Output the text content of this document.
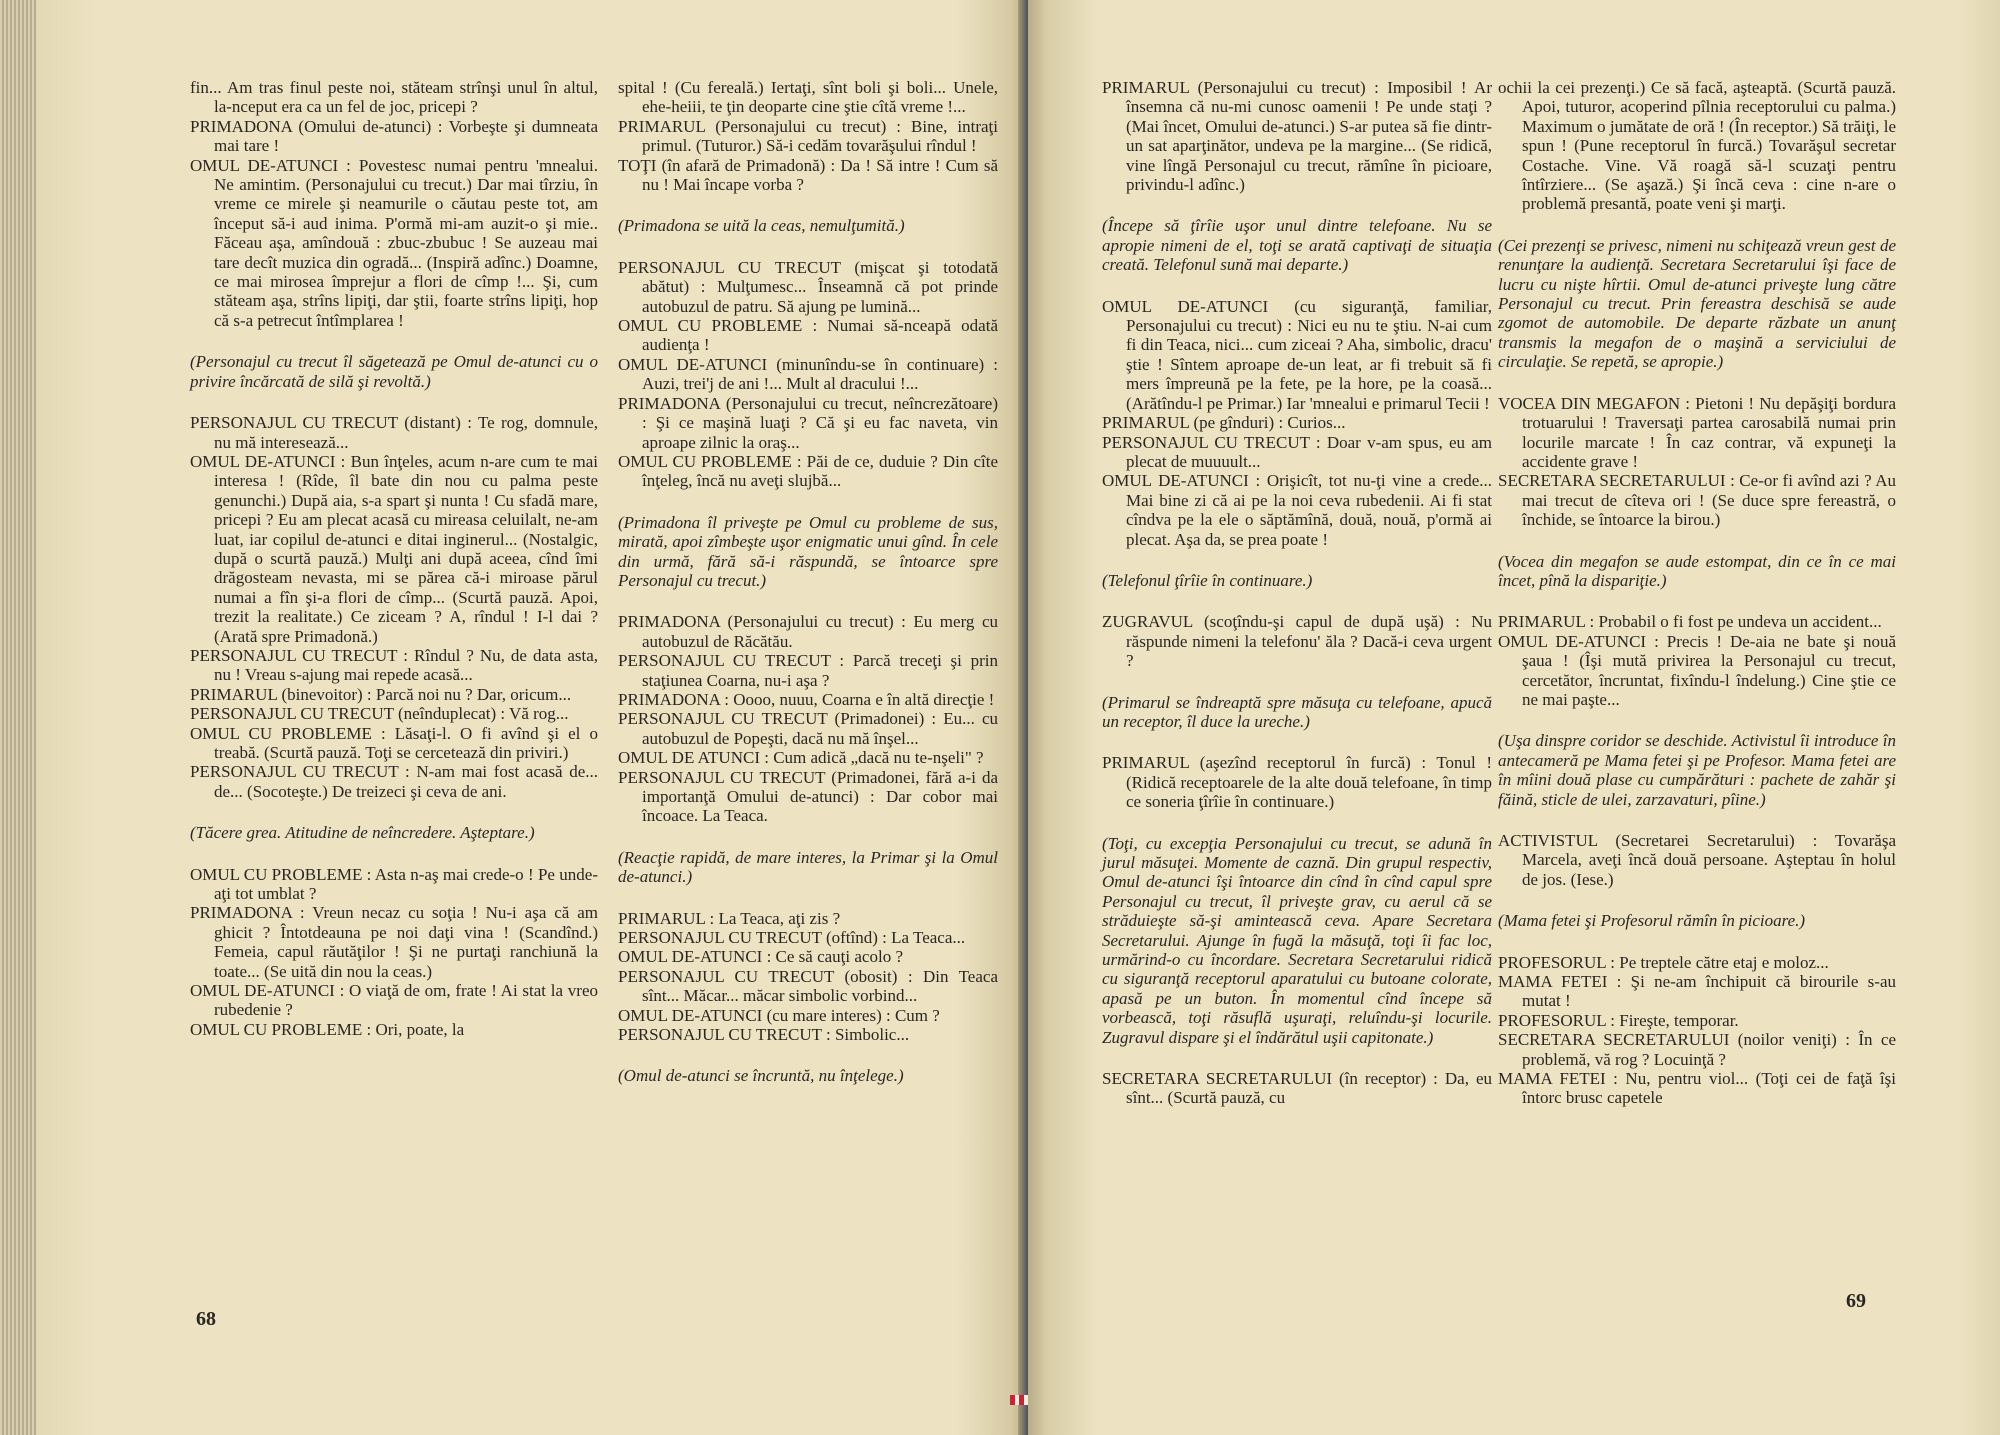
fin... Am tras finul peste noi, stăteam strînşi unul în altul, la-nceput era ca un fel de joc, pricepi ?

PRIMADONA (Omului de-atunci) : Vorbeşte şi dumneata mai tare !

OMUL DE-ATUNCI : Povestesc numai pentru 'mnealui. Ne amintim. (Personajului cu trecut.) Dar mai tîrziu, în vreme ce mirele şi neamurile o căutau peste tot, am început să-i aud inima. P'ormă mi-am auzit-o şi mie.. Făceau aşa, amîndouă : zbuc-zbubuc ! Se auzeau mai tare decît muzica din ogradă... (Inspiră adînc.) Doamne, ce mai mirosea împrejur a flori de cîmp !... Şi, cum stăteam aşa, strîns lipiţi, dar ştii, foarte strîns lipiţi, hop că s-a petrecut întîmplarea !

(Personajul cu trecut îl săgetează pe Omul de-atunci cu o privire încărcată de silă şi revoltă.)

PERSONAJUL CU TRECUT (distant) : Te rog, domnule, nu mă interesează...

OMUL DE-ATUNCI : Bun înţeles, acum n-are cum te mai interesa ! (Rîde, îl bate din nou cu palma peste genunchi.) După aia, s-a spart şi nunta ! Cu sfadă mare, pricepi ? Eu am plecat acasă cu mireasa celuilalt, ne-am luat, iar copilul de-atunci e ditai inginerul... (Nostalgic, după o scurtă pauză.) Mulţi ani după aceea, cînd îmi drăgosteam nevasta, mi se părea că-i miroase părul numai a fîn şi-a flori de cîmp... (Scurtă pauză. Apoi, trezit la realitate.) Ce ziceam ? A, rîndul ! I-l dai ? (Arată spre Primadonă.)

PERSONAJUL CU TRECUT : Rîndul ? Nu, de data asta, nu ! Vreau s-ajung mai repede acasă...

PRIMARUL (binevoitor) : Parcă noi nu ? Dar, oricum...

PERSONAJUL CU TRECUT (neînduplecat) : Vă rog...

OMUL CU PROBLEME : Lăsaţi-l. O fi avînd şi el o treabă. (Scurtă pauză. Toţi se cercetează din priviri.)

PERSONAJUL CU TRECUT : N-am mai fost acasă de... de... (Socoteşte.) De treizeci şi ceva de ani.

(Tăcere grea. Atitudine de neîncredere. Aşteptare.)

OMUL CU PROBLEME : Asta n-aş mai crede-o ! Pe unde-aţi tot umblat ?

PRIMADONA : Vreun necaz cu soţia ! Nu-i aşa că am ghicit ? Întotdeauna pe noi daţi vina ! (Scandînd.) Femeia, capul răutăţilor ! Şi ne purtaţi ranchiună la toate... (Se uită din nou la ceas.)

OMUL DE-ATUNCI : O viaţă de om, frate ! Ai stat la vreo rubedenie ?

OMUL CU PROBLEME : Ori, poate, la

spital ! (Cu fereală.) Iertaţi, sînt boli şi boli... Unele, ehe-heiii, te ţin deoparte cine ştie cîtă vreme !...

PRIMARUL (Personajului cu trecut) : Bine, intraţi primul. (Tuturor.) Să-i cedăm tovarăşului rîndul !

TOŢI (în afară de Primadonă) : Da ! Să intre ! Cum să nu ! Mai încape vorba ?

(Primadona se uită la ceas, nemulţumită.)

PERSONAJUL CU TRECUT (mişcat şi totodată abătut) : Mulţumesc... Înseamnă că pot prinde autobuzul de patru. Să ajung pe lumină...

OMUL CU PROBLEME : Numai să-nceapă odată audienţa !

OMUL DE-ATUNCI (minunîndu-se în continuare) : Auzi, trei'j de ani !... Mult al dracului !...

PRIMADONA (Personajului cu trecut, neîncrezătoare) : Şi ce maşină luaţi ? Că şi eu fac naveta, vin aproape zilnic la oraş...

OMUL CU PROBLEME : Păi de ce, duduie ? Din cîte înţeleg, încă nu aveţi slujbă...

(Primadona îl priveşte pe Omul cu probleme de sus, mirată, apoi zîmbeşte uşor enigmatic unui gînd. În cele din urmă, fără să-i răspundă, se întoarce spre Personajul cu trecut.)

PRIMADONA (Personajului cu trecut) : Eu merg cu autobuzul de Răcătău.

PERSONAJUL CU TRECUT : Parcă treceţi şi prin staţiunea Coarna, nu-i aşa ?

PRIMADONA : Oooo, nuuu, Coarna e în altă direcţie !

PERSONAJUL CU TRECUT (Primadonei) : Eu... cu autobuzul de Popeşti, dacă nu mă înşel...

OMUL DE ATUNCI : Cum adică „dacă nu te-nşeli" ?

PERSONAJUL CU TRECUT (Primadonei, fără a-i da importanţă Omului de-atunci) : Dar cobor mai încoace. La Teaca.

(Reacţie rapidă, de mare interes, la Primar şi la Omul de-atunci.)

PRIMARUL : La Teaca, aţi zis ?

PERSONAJUL CU TRECUT (oftînd) : La Teaca...

OMUL DE-ATUNCI : Ce să cauţi acolo ?

PERSONAJUL CU TRECUT (obosit) : Din Teaca sînt... Măcar... măcar simbolic vorbind...

OMUL DE-ATUNCI (cu mare interes) : Cum ?

PERSONAJUL CU TRECUT : Simbolic...

(Omul de-atunci se încruntă, nu înţelege.)

68

PRIMARUL (Personajului cu trecut) : Imposibil ! Ar însemna că nu-mi cunosc oamenii ! Pe unde staţi ? (Mai încet, Omului de-atunci.) S-ar putea să fie dintr-un sat aparţinător, undeva pe la margine... (Se ridică, vine lîngă Personajul cu trecut, rămîne în picioare, privindu-l adînc.)

(Începe să ţîrîie uşor unul dintre telefoane. Nu se apropie nimeni de el, toţi se arată captivaţi de situaţia creată. Telefonul sună mai departe.)

OMUL DE-ATUNCI (cu siguranţă, familiar, Personajului cu trecut) : Nici eu nu te ştiu. N-ai cum fi din Teaca, nici... cum ziceai ? Aha, simbolic, dracu' ştie ! Sîntem aproape de-un leat, ar fi trebuit să fi mers împreună pe la fete, pe la hore, pe la coasă... (Arătîndu-l pe Primar.) Iar 'mnealui e primarul Tecii !

PRIMARUL (pe gînduri) : Curios...

PERSONAJUL CU TRECUT : Doar v-am spus, eu am plecat de muuuult...

OMUL DE-ATUNCI : Orişicît, tot nu-ţi vine a crede... Mai bine zi că ai pe la noi ceva rubedenii. Ai fi stat cîndva pe la ele o săptămînă, două, nouă, p'ormă ai plecat. Aşa da, se prea poate !

(Telefonul ţîrîie în continuare.)

ZUGRAVUL (scoţîndu-şi capul de după uşă) : Nu răspunde nimeni la telefonu' ăla ? Dacă-i ceva urgent ?

(Primarul se îndreaptă spre măsuţa cu telefoane, apucă un receptor, îl duce la ureche.)

PRIMARUL (aşezînd receptorul în furcă) : Tonul ! (Ridică receptoarele de la alte două telefoane, în timp ce soneria ţîrîie în continuare.)

(Toţi, cu excepţia Personajului cu trecut, se adună în jurul măsuţei. Momente de caznă. Din grupul respectiv, Omul de-atunci îşi întoarce din cînd în cînd capul spre Personajul cu trecut, îl priveşte grav, cu aerul că se străduieşte să-şi amintească ceva. Apare Secretara Secretarului. Ajunge în fugă la măsuţă, toţi îi fac loc, urmărind-o cu încordare. Secretara Secretarului ridică cu siguranţă receptorul aparatului cu butoane colorate, apasă pe un buton. În momentul cînd începe să vorbească, toţi răsuflă uşuraţi, reluîndu-şi locurile. Zugravul dispare şi el îndărătul uşii capitonate.)

SECRETARA SECRETARULUI (în receptor) : Da, eu sînt... (Scurtă pauză, cu

ochii la cei prezenţi.) Ce să facă, aşteaptă. (Scurtă pauză. Apoi, tuturor, acoperind pîlnia receptorului cu palma.) Maximum o jumătate de oră ! (În receptor.) Să trăiţi, le spun ! (Pune receptorul în furcă.) Tovarăşul secretar Costache. Vine. Vă roagă să-l scuzaţi pentru întîrziere... (Se aşază.) Şi încă ceva : cine n-are o problemă presantă, poate veni şi marţi.

(Cei prezenţi se privesc, nimeni nu schiţează vreun gest de renunţare la audienţă. Secretara Secretarului îşi face de lucru cu nişte hîrtii. Omul de-atunci priveşte lung către Personajul cu trecut. Prin fereastra deschisă se aude zgomot de automobile. De departe răzbate un anunţ transmis la megafon de o maşină a serviciului de circulaţie. Se repetă, se apropie.)

VOCEA DIN MEGAFON : Pietoni ! Nu depăşiţi bordura trotuarului ! Traversaţi partea carosabilă numai prin locurile marcate ! În caz contrar, vă expuneţi la accidente grave !

SECRETARA SECRETARULUI : Ce-or fi avînd azi ? Au mai trecut de cîteva ori ! (Se duce spre fereastră, o închide, se întoarce la birou.)

(Vocea din megafon se aude estompat, din ce în ce mai încet, pînă la dispariţie.)

PRIMARUL : Probabil o fi fost pe undeva un accident...

OMUL DE-ATUNCI : Precis ! De-aia ne bate şi nouă şaua ! (Îşi mută privirea la Personajul cu trecut, cercetător, încruntat, fixîndu-l îndelung.) Cine ştie ce ne mai paşte...

(Uşa dinspre coridor se deschide. Activistul îi introduce în antecameră pe Mama fetei şi pe Profesor. Mama fetei are în mîini două plase cu cumpărături : pachete de zahăr şi făină, sticle de ulei, zarzavaturi, pîine.)

ACTIVISTUL (Secretarei Secretarului) : Tovarăşa Marcela, aveţi încă două persoane. Aşteptau în holul de jos. (Iese.)

(Mama fetei şi Profesorul rămîn în picioare.)

PROFESORUL : Pe treptele către etaj e moloz...

MAMA FETEI : Şi ne-am închipuit că birourile s-au mutat !

PROFESORUL : Fireşte, temporar.

SECRETARA SECRETARULUI (noilor veniţi) : În ce problemă, vă rog ? Locuinţă ?

MAMA FETEI : Nu, pentru viol... (Toţi cei de faţă îşi întorc brusc capetele

69
